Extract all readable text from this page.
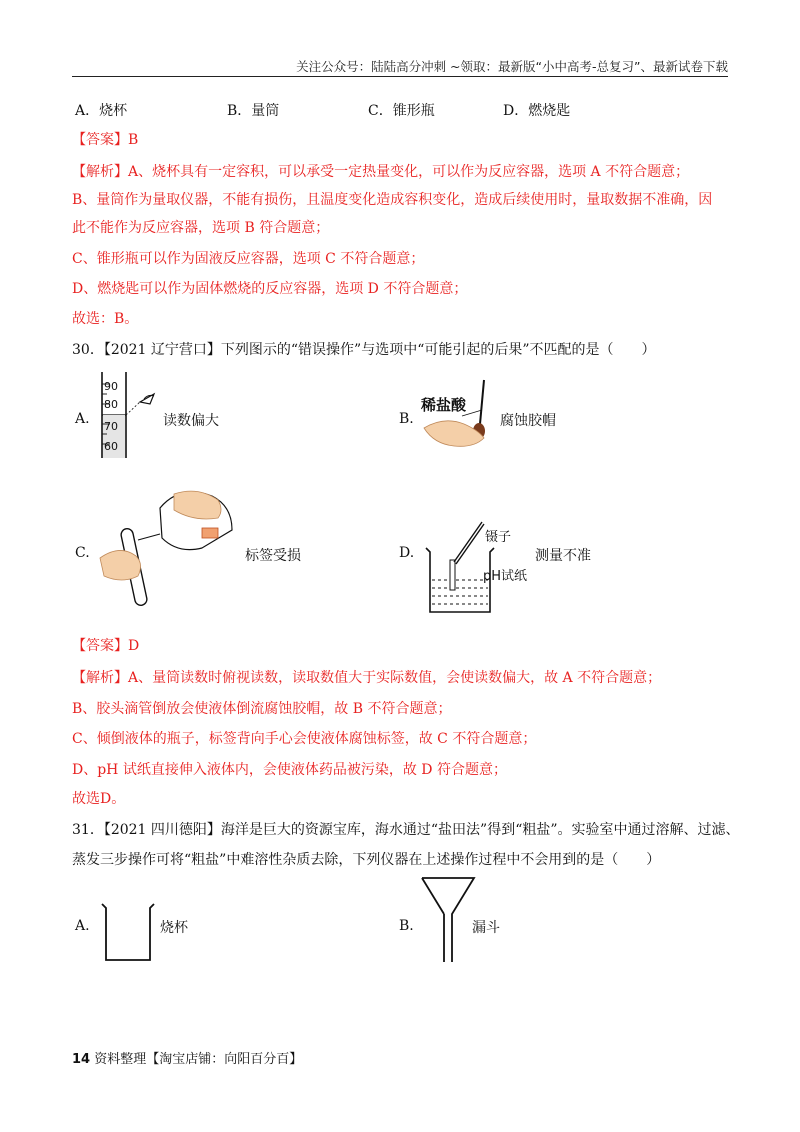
关注公众号：陆陆高分冲刺 ~领取：最新版“小中高考-总复习”、最新试卷下载
A．烧杯	B．量筒	C．锥形瓶	D．燃烧匙
【答案】B
【解析】A、烧杯具有一定容积，可以承受一定热量变化，可以作为反应容器，选项 A 不符合题意；
B、量筒作为量取仪器，不能有损伤，且温度变化造成容积变化，造成后续使用时，量取数据不准确，因
此不能作为反应容器，选项 B 符合题意；
C、锥形瓶可以作为固液反应容器，选项 C 不符合题意；
D、燃烧匙可以作为固体燃烧的反应容器，选项 D 不符合题意；
故选：B。
30．【2021 辽宁营口】下列图示的“错误操作”与选项中“可能引起的后果”不匹配的是（　　）
A.
90
80
70
60
读数偏大	B.
稀盐酸
腐蚀胶帽
C.	标签受损	D.
镊子
pH试纸
测量不准
【答案】D
【解析】A、量筒读数时俯视读数，读取数值大于实际数值，会使读数偏大，故 A 不符合题意；
B、胶头滴管倒放会使液体倒流腐蚀胶帽，故 B 不符合题意；
C、倾倒液体的瓶子，标签背向手心会使液体腐蚀标签，故 C 不符合题意；
D、pH 试纸直接伸入液体内，会使液体药品被污染，故 D 符合题意；
故选D。
31．【2021 四川德阳】海洋是巨大的资源宝库，海水通过“盐田法”得到“粗盐”。实验室中通过溶解、过滤、
蒸发三步操作可将“粗盐”中难溶性杂质去除，下列仪器在上述操作过程中不会用到的是（　　）
A.	烧杯	B.	漏斗
14 资料整理【淘宝店铺：向阳百分百】
